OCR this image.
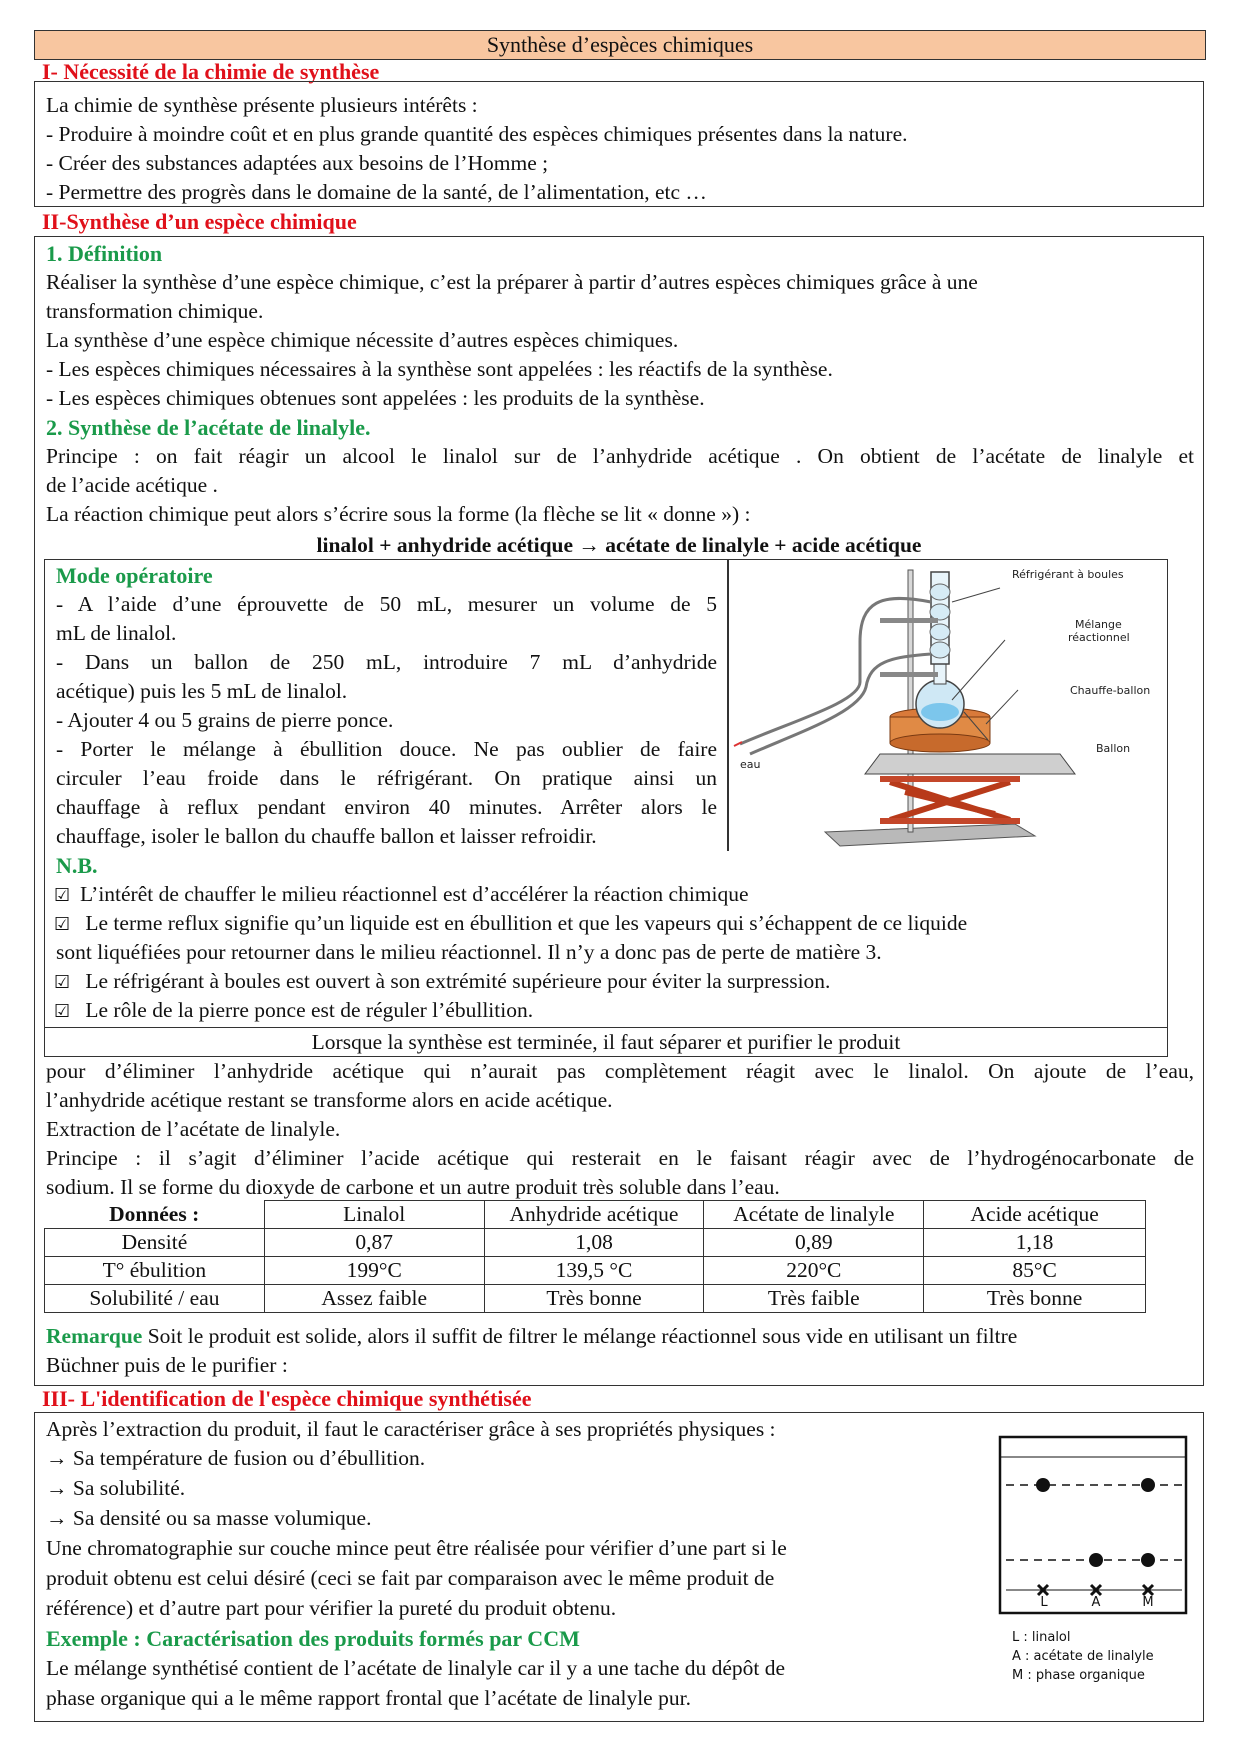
Synthèse d’espèces chimiques
I- Nécessité de la chimie de synthèse
La chimie de synthèse présente plusieurs intérêts :
- Produire à moindre coût et en plus grande quantité des espèces chimiques présentes dans la nature.
- Créer des substances adaptées aux besoins de l’Homme ;
- Permettre des progrès dans le domaine de la santé, de l’alimentation, etc …
II-Synthèse d’un espèce chimique
1. Définition
Réaliser la synthèse d’une espèce chimique, c’est la préparer à partir d’autres espèces chimiques grâce à une
transformation chimique.
La synthèse d’une espèce chimique nécessite d’autres espèces chimiques.
- Les espèces chimiques nécessaires à la synthèse sont appelées : les réactifs de la synthèse.
- Les espèces chimiques obtenues sont appelées : les produits de la synthèse.
2. Synthèse de l’acétate de linalyle.
Principe : on fait réagir un alcool le linalol sur de l’anhydride acétique . On obtient de l’acétate de linalyle et
de l’acide acétique .
La réaction chimique peut alors s’écrire sous la forme (la flèche se lit « donne ») :
linalol + anhydride acétique → acétate de linalyle + acide acétique
Mode opératoire
- A l’aide d’une éprouvette de 50 mL, mesurer un volume de 5
mL de linalol.
- Dans un ballon de 250 mL, introduire 7 mL d’anhydride
acétique) puis les 5 mL de linalol.
- Ajouter 4 ou 5 grains de pierre ponce.
- Porter le mélange à ébullition douce. Ne pas oublier de faire
circuler l’eau froide dans le réfrigérant. On pratique ainsi un
chauffage à reflux pendant environ 40 minutes. Arrêter alors le
chauffage, isoler le ballon du chauffe ballon et laisser refroidir.
Réfrigérant à boules
Mélange
réactionnel
Chauffe-ballon
Ballon
eau
N.B.
☑ L’intérêt de chauffer le milieu réactionnel est d’accélérer la réaction chimique
☑ Le terme reflux signifie qu’un liquide est en ébullition et que les vapeurs qui s’échappent de ce liquide
sont liquéfiées pour retourner dans le milieu réactionnel. Il n’y a donc pas de perte de matière 3.
☑ Le réfrigérant à boules est ouvert à son extrémité supérieure pour éviter la surpression.
☑ Le rôle de la pierre ponce est de réguler l’ébullition.
Lorsque la synthèse est terminée, il faut séparer et purifier le produit
pour d’éliminer l’anhydride acétique qui n’aurait pas complètement réagit avec le linalol. On ajoute de l’eau,
l’anhydride acétique restant se transforme alors en acide acétique.
Extraction de l’acétate de linalyle.
Principe : il s’agit d’éliminer l’acide acétique qui resterait en le faisant réagir avec de l’hydrogénocarbonate de
sodium. Il se forme du dioxyde de carbone et un autre produit très soluble dans l’eau.
Données :	Linalol	Anhydride acétique	Acétate de linalyle	Acide acétique
Densité	0,87	1,08	0,89	1,18
T° ébulition	199°C	139,5 °C	220°C	85°C
Solubilité / eau	Assez faible	Très bonne	Très faible	Très bonne
Remarque Soit le produit est solide, alors il suffit de filtrer le mélange réactionnel sous vide en utilisant un filtre
Büchner puis de le purifier :
III- L'identification de l'espèce chimique synthétisée
Après l’extraction du produit, il faut le caractériser grâce à ses propriétés physiques :
→ Sa température de fusion ou d’ébullition.
→ Sa solubilité.
→ Sa densité ou sa masse volumique.
Une chromatographie sur couche mince peut être réalisée pour vérifier d’une part si le
produit obtenu est celui désiré (ceci se fait par comparaison avec le même produit de
référence) et d’autre part pour vérifier la pureté du produit obtenu.
Exemple : Caractérisation des produits formés par CCM
Le mélange synthétisé contient de l’acétate de linalyle car il y a une tache du dépôt de
phase organique qui a le même rapport frontal que l’acétate de linalyle pur.
L	A	M
L : linalol
A : acétate de linalyle
M : phase organique
